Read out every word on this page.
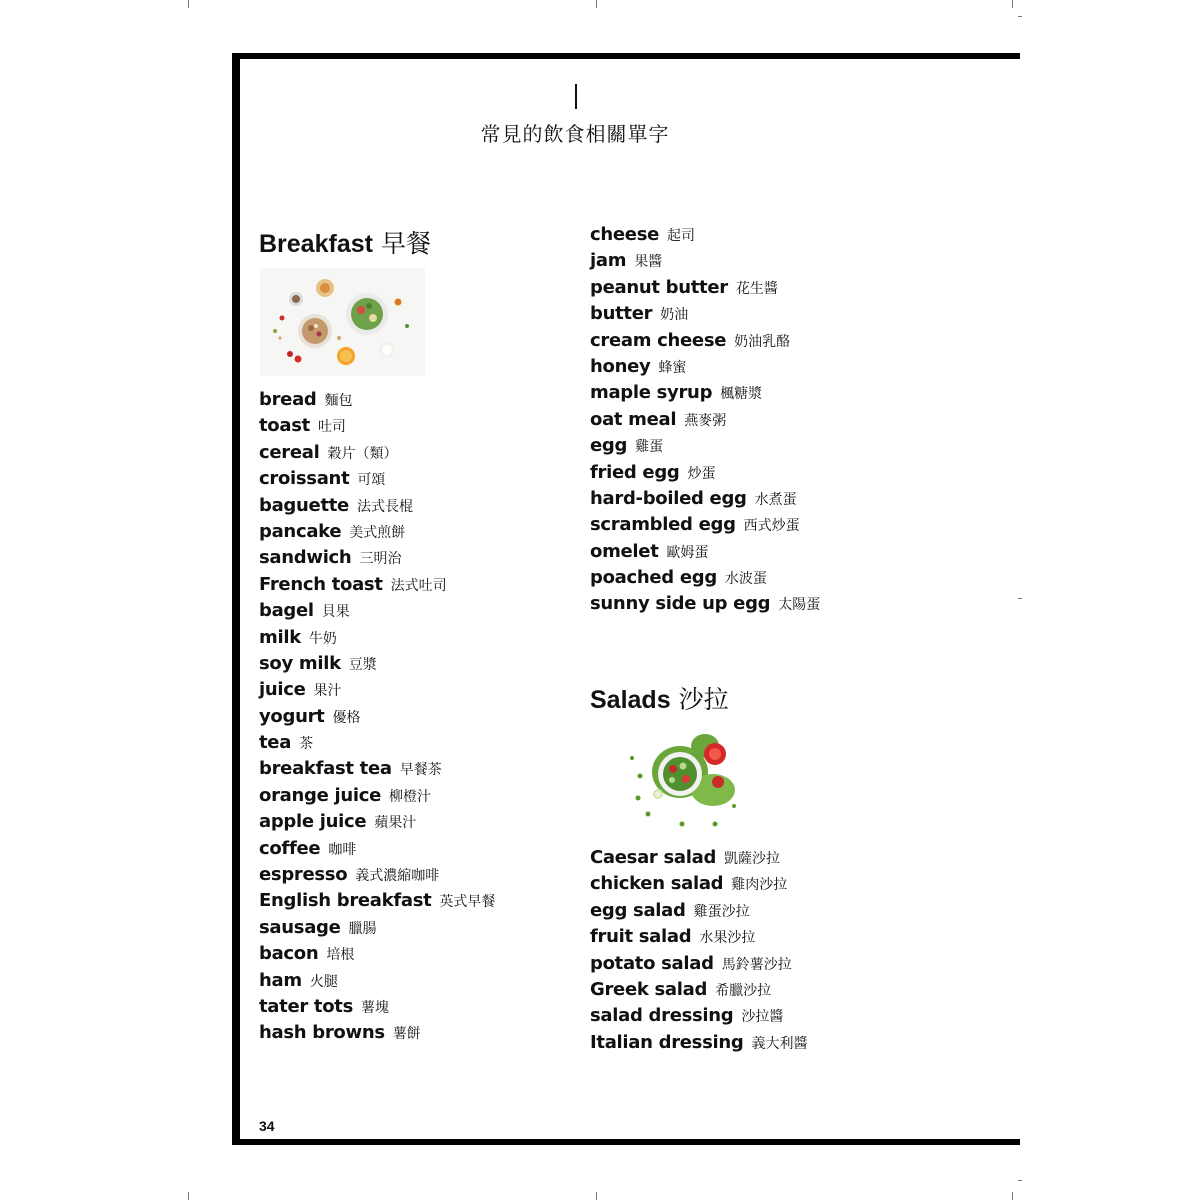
常見的飲食相關單字
Breakfast 早餐
bread 麵包
toast 吐司
cereal 穀片（類）
croissant 可頌
baguette 法式長棍
pancake 美式煎餅
sandwich 三明治
French toast 法式吐司
bagel 貝果
milk 牛奶
soy milk 豆漿
juice 果汁
yogurt 優格
tea 茶
breakfast tea 早餐茶
orange juice 柳橙汁
apple juice 蘋果汁
coffee 咖啡
espresso 義式濃縮咖啡
English breakfast 英式早餐
sausage 臘腸
bacon 培根
ham 火腿
tater tots 薯塊
hash browns 薯餅
cheese 起司
jam 果醬
peanut butter 花生醬
butter 奶油
cream cheese 奶油乳酪
honey 蜂蜜
maple syrup 楓糖漿
oat meal 燕麥粥
egg 雞蛋
fried egg 炒蛋
hard-boiled egg 水煮蛋
scrambled egg 西式炒蛋
omelet 歐姆蛋
poached egg 水波蛋
sunny side up egg 太陽蛋
Salads 沙拉
Caesar salad 凱薩沙拉
chicken salad 雞肉沙拉
egg salad 雞蛋沙拉
fruit salad 水果沙拉
potato salad 馬鈴薯沙拉
Greek salad 希臘沙拉
salad dressing 沙拉醬
Italian dressing 義大利醬
34
